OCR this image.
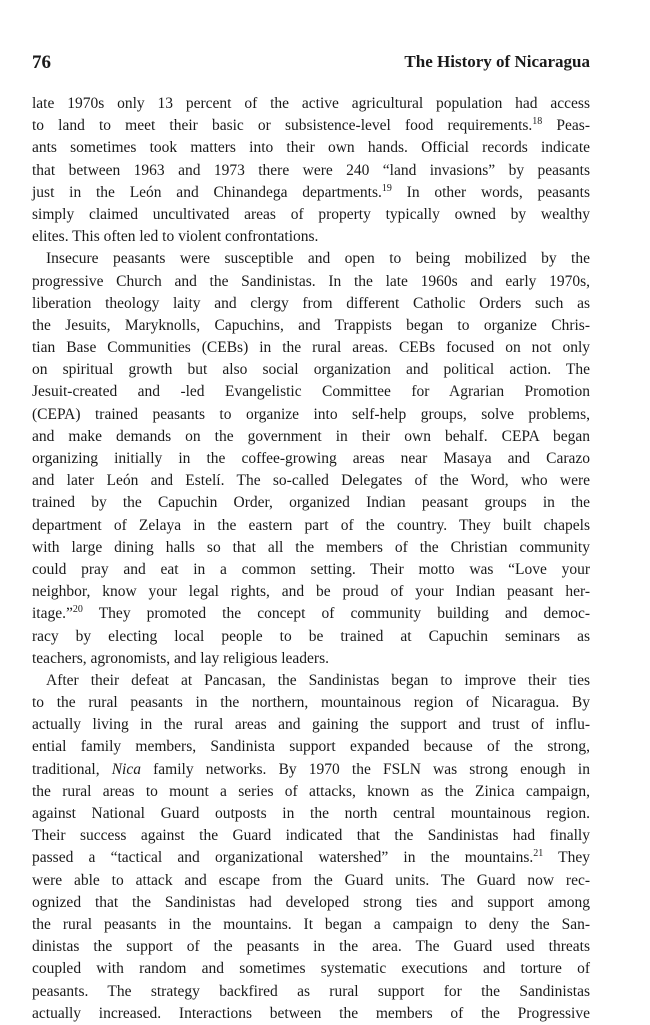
76	The History of Nicaragua
late 1970s only 13 percent of the active agricultural population had access
to land to meet their basic or subsistence-level food requirements.$^{18}$ Peas-
ants sometimes took matters into their own hands. Official records indicate
that between 1963 and 1973 there were 240 “land invasions” by peasants
just in the León and Chinandega departments.$^{19}$ In other words, peasants
simply claimed uncultivated areas of property typically owned by wealthy
elites. This often led to violent confrontations.
Insecure peasants were susceptible and open to being mobilized by the
progressive Church and the Sandinistas. In the late 1960s and early 1970s,
liberation theology laity and clergy from different Catholic Orders such as
the Jesuits, Maryknolls, Capuchins, and Trappists began to organize Chris-
tian Base Communities (CEBs) in the rural areas. CEBs focused on not only
on spiritual growth but also social organization and political action. The
Jesuit-created and -led Evangelistic Committee for Agrarian Promotion
(CEPA) trained peasants to organize into self-help groups, solve problems,
and make demands on the government in their own behalf. CEPA began
organizing initially in the coffee-growing areas near Masaya and Carazo
and later León and Estelí. The so-called Delegates of the Word, who were
trained by the Capuchin Order, organized Indian peasant groups in the
department of Zelaya in the eastern part of the country. They built chapels
with large dining halls so that all the members of the Christian community
could pray and eat in a common setting. Their motto was “Love your
neighbor, know your legal rights, and be proud of your Indian peasant her-
itage.”$^{20}$ They promoted the concept of community building and democ-
racy by electing local people to be trained at Capuchin seminars as
teachers, agronomists, and lay religious leaders.
After their defeat at Pancasan, the Sandinistas began to improve their ties
to the rural peasants in the northern, mountainous region of Nicaragua. By
actually living in the rural areas and gaining the support and trust of influ-
ential family members, Sandinista support expanded because of the strong,
traditional, Nica family networks. By 1970 the FSLN was strong enough in
the rural areas to mount a series of attacks, known as the Zinica campaign,
against National Guard outposts in the north central mountainous region.
Their success against the Guard indicated that the Sandinistas had finally
passed a “tactical and organizational watershed” in the mountains.$^{21}$ They
were able to attack and escape from the Guard units. The Guard now rec-
ognized that the Sandinistas had developed strong ties and support among
the rural peasants in the mountains. It began a campaign to deny the San-
dinistas the support of the peasants in the area. The Guard used threats
coupled with random and sometimes systematic executions and torture of
peasants. The strategy backfired as rural support for the Sandinistas
actually increased. Interactions between the members of the Progressive
